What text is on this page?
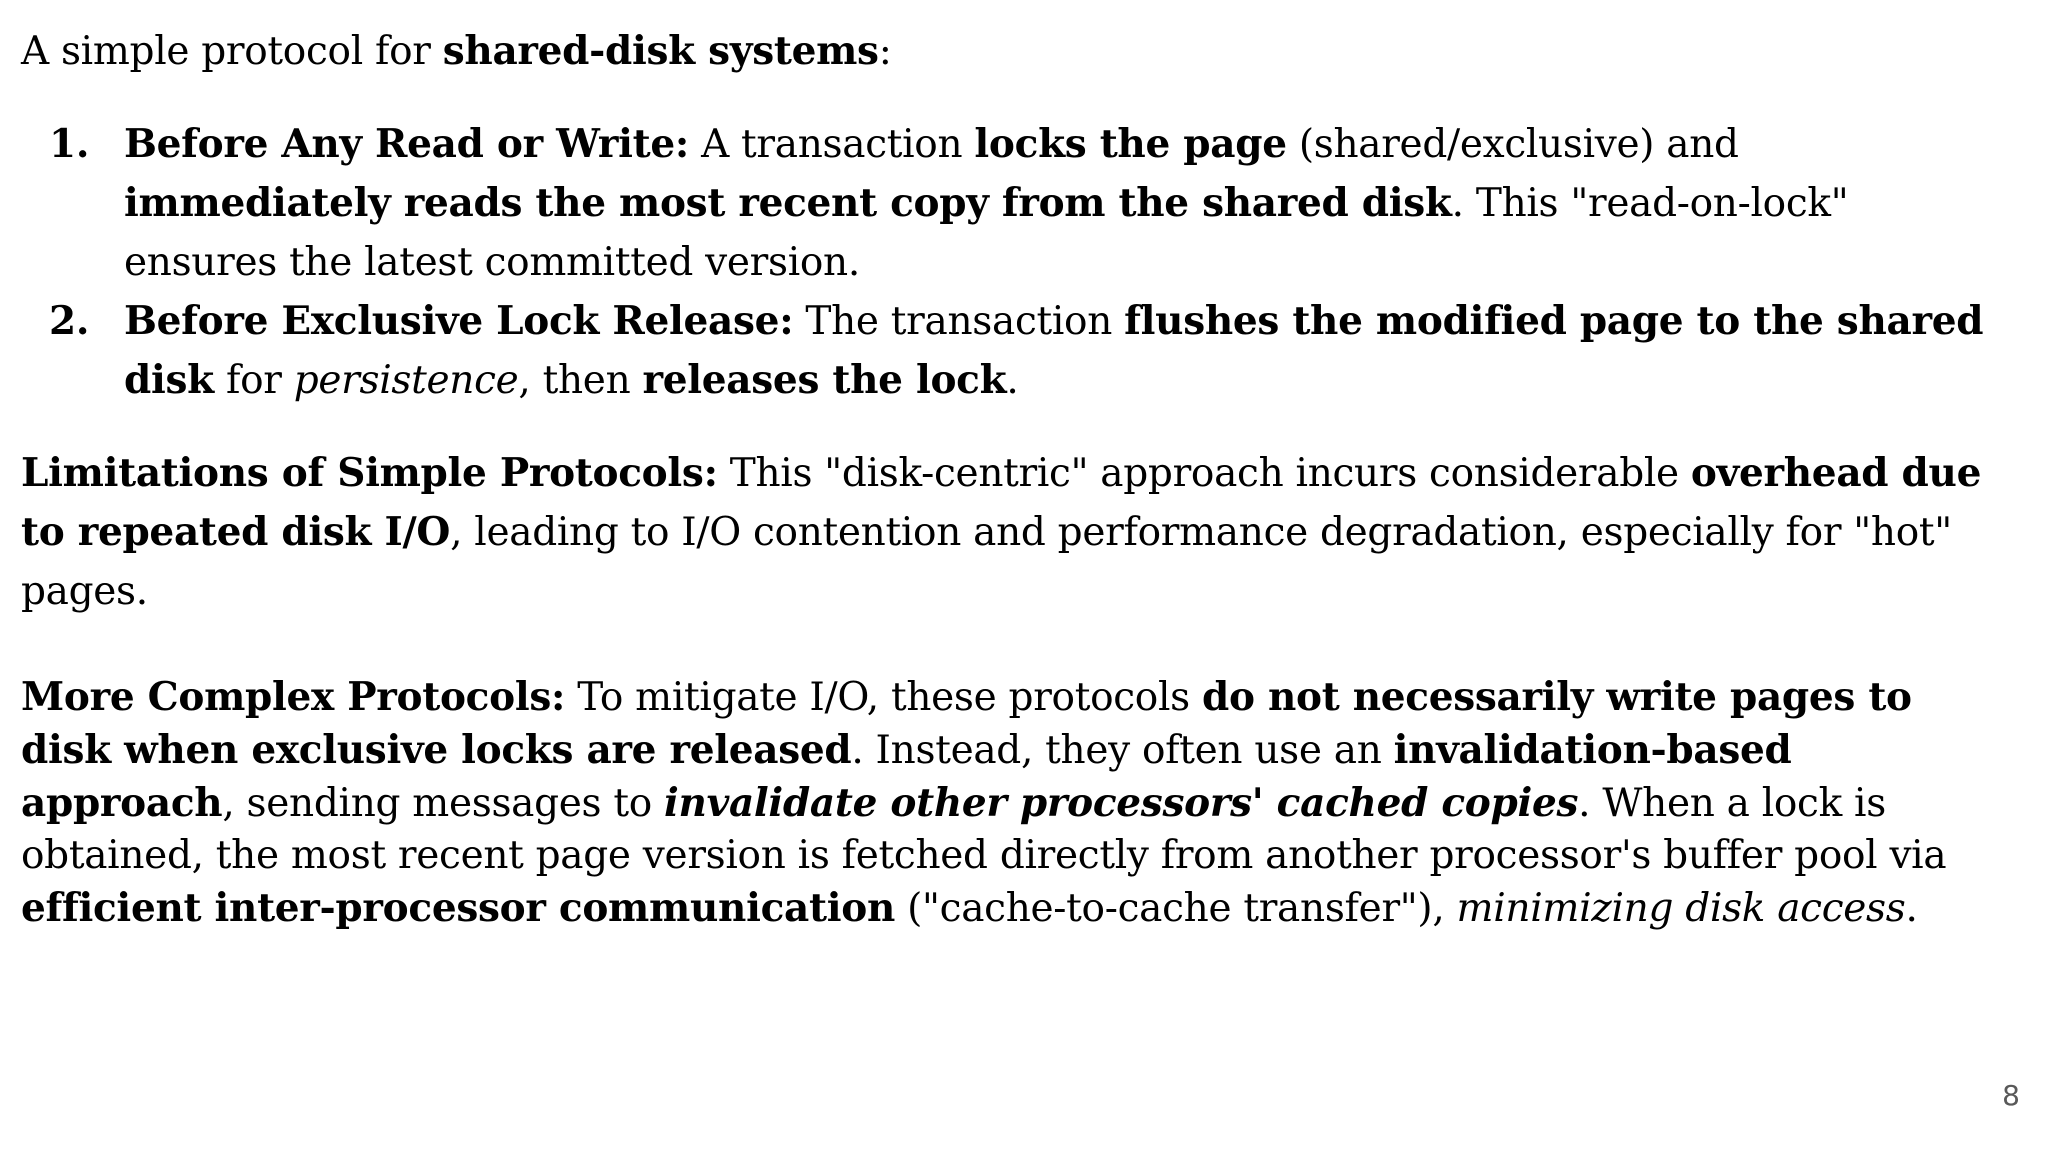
A simple protocol for shared-disk systems:

1. Before Any Read or Write: A transaction locks the page (shared/exclusive) and immediately reads the most recent copy from the shared disk. This "read-on-lock" ensures the latest committed version.
2. Before Exclusive Lock Release: The transaction flushes the modified page to the shared disk for persistence, then releases the lock.

Limitations of Simple Protocols: This "disk-centric" approach incurs considerable overhead due to repeated disk I/O, leading to I/O contention and performance degradation, especially for "hot" pages.

More Complex Protocols: To mitigate I/O, these protocols do not necessarily write pages to disk when exclusive locks are released. Instead, they often use an invalidation-based approach, sending messages to invalidate other processors' cached copies. When a lock is obtained, the most recent page version is fetched directly from another processor's buffer pool via efficient inter-processor communication ("cache-to-cache transfer"), minimizing disk access.

8
